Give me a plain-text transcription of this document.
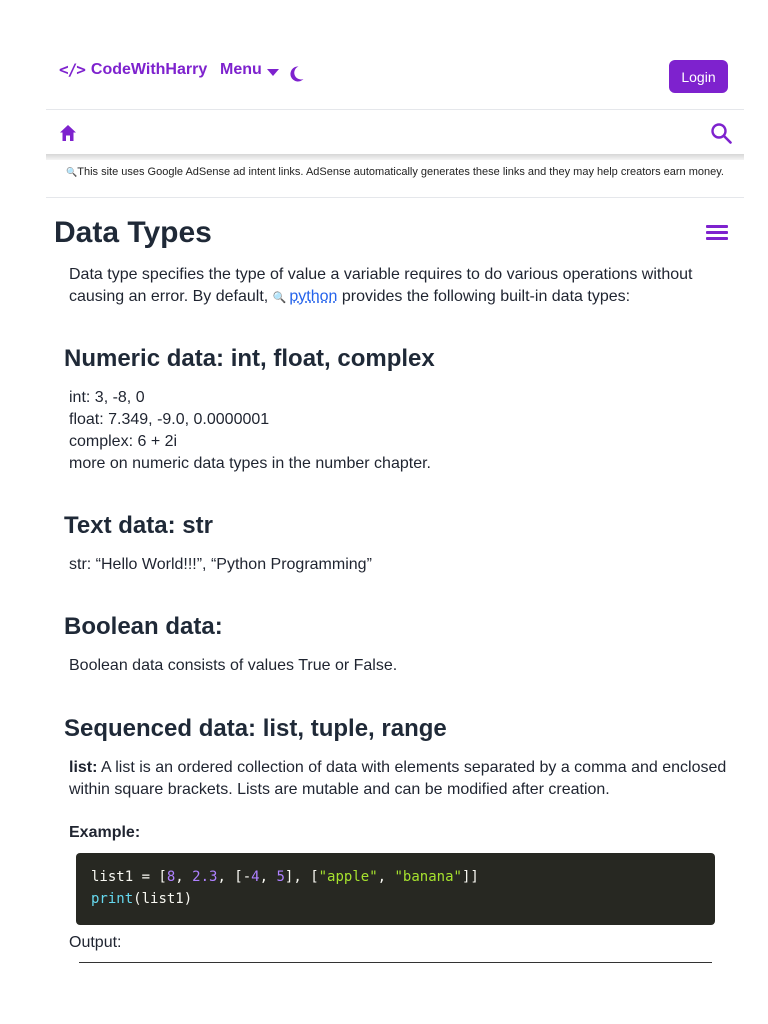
</> CodeWithHarry Menu	Login
🔍This site uses Google AdSense ad intent links. AdSense automatically generates these links and they may help creators earn money.
Data Types

Data type specifies the type of value a variable requires to do various operations without causing an error. By default, 🔍 python provides the following built-in data types:

Numeric data: int, float, complex

int: 3, -8, 0

float: 7.349, -9.0, 0.0000001

complex: 6 + 2i

more on numeric data types in the number chapter.

Text data: str

str: “Hello World!!!”, “Python Programming”

Boolean data:

Boolean data consists of values True or False.

Sequenced data: list, tuple, range

list: A list is an ordered collection of data with elements separated by a comma and enclosed within square brackets. Lists are mutable and can be modified after creation.

Example:

list1 = [8, 2.3, [-4, 5], ["apple", "banana"]]
print(list1)

Output:
